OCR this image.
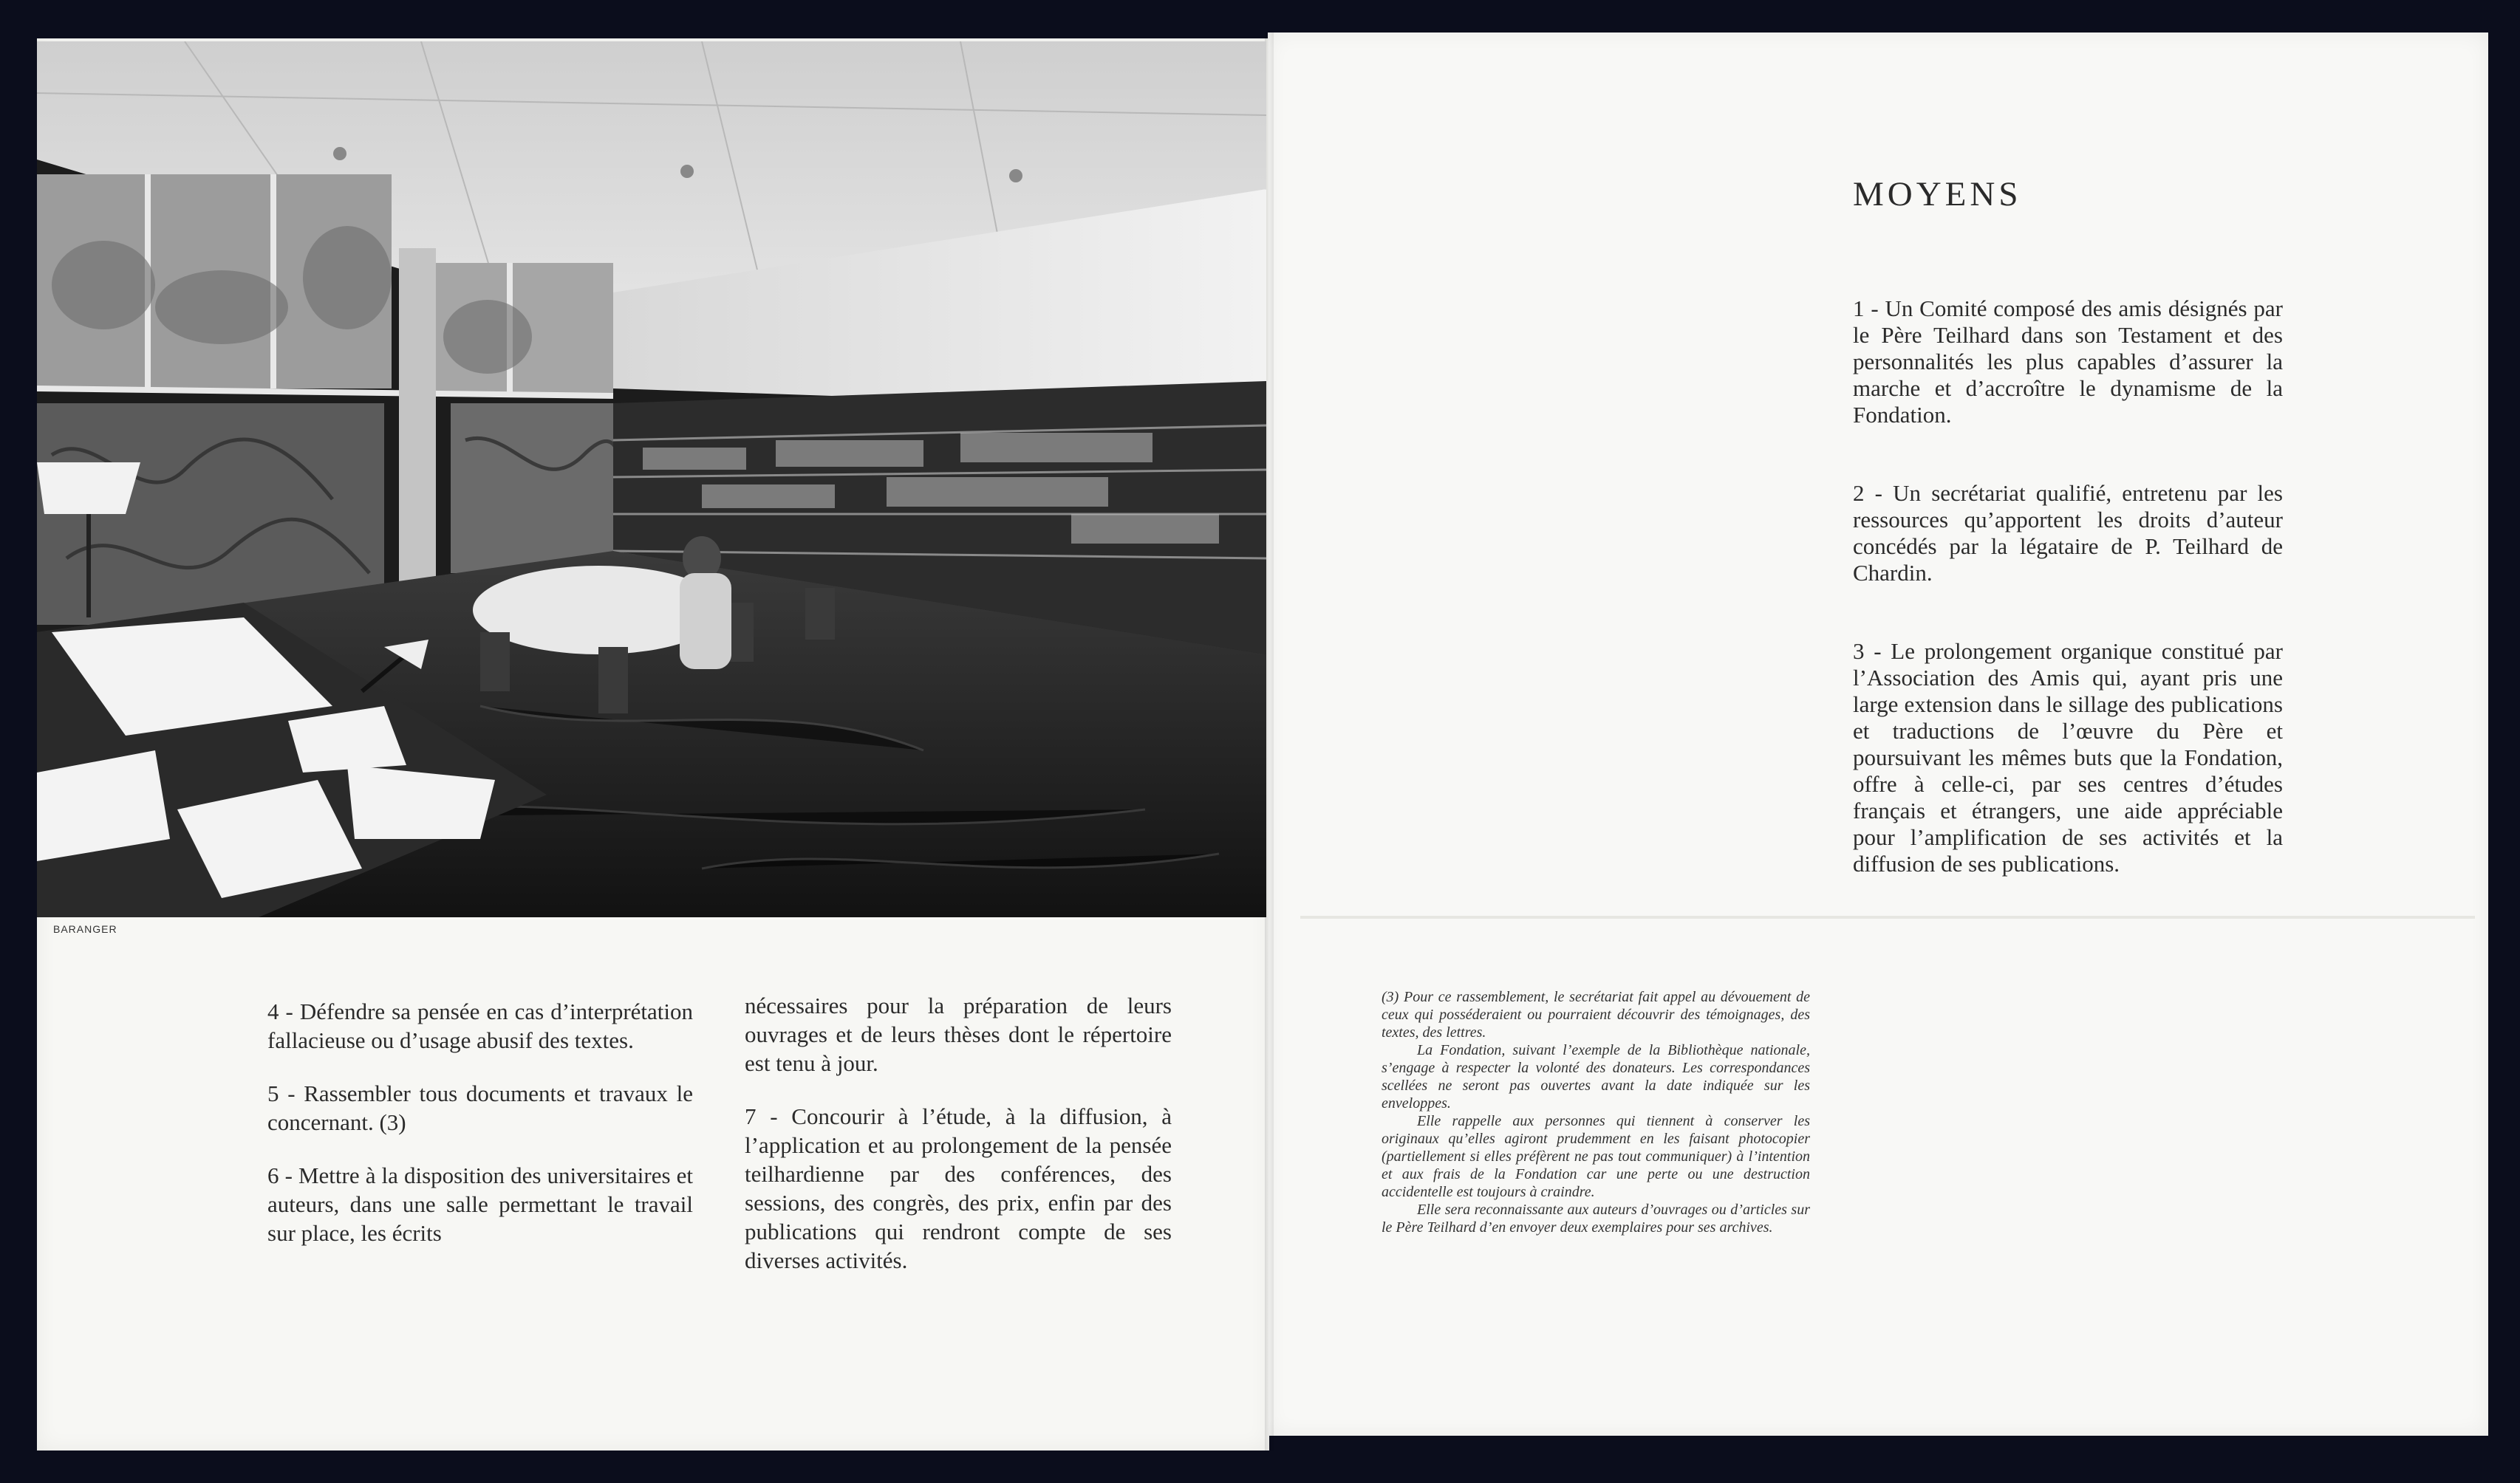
BARANGER

4 - Défendre sa pensée en cas d’interprétation fallacieuse ou d’usage abusif des textes.

5 - Rassembler tous documents et travaux le concernant. (3)

6 - Mettre à la disposition des universitaires et auteurs, dans une salle permettant le travail sur place, les écrits

nécessaires pour la préparation de leurs ouvrages et de leurs thèses dont le répertoire est tenu à jour.

7 - Concourir à l’étude, à la diffusion, à l’application et au prolongement de la pensée teilhardienne par des conférences, des sessions, des congrès, des prix, enfin par des publications qui rendront compte de ses diverses activités.

MOYENS

1 - Un Comité composé des amis désignés par le Père Teilhard dans son Testament et des personnalités les plus capables d’assurer la marche et d’accroître le dynamisme de la Fondation.

2 - Un secrétariat qualifié, entretenu par les ressources qu’apportent les droits d’auteur concédés par la légataire de P. Teilhard de Chardin.

3 - Le prolongement organique constitué par l’Association des Amis qui, ayant pris une large extension dans le sillage des publications et traductions de l’œuvre du Père et poursuivant les mêmes buts que la Fondation, offre à celle-ci, par ses centres d’études français et étrangers, une aide appréciable pour l’amplification de ses activités et la diffusion de ses publications.

(3) Pour ce rassemblement, le secrétariat fait appel au dévouement de ceux qui posséderaient ou pourraient découvrir des témoignages, des textes, des lettres.

La Fondation, suivant l’exemple de la Bibliothèque nationale, s’engage à respecter la volonté des donateurs. Les correspondances scellées ne seront pas ouvertes avant la date indiquée sur les enveloppes.

Elle rappelle aux personnes qui tiennent à conserver les originaux qu’elles agiront prudemment en les faisant photocopier (partiellement si elles préfèrent ne pas tout communiquer) à l’intention et aux frais de la Fondation car une perte ou une destruction accidentelle est toujours à craindre.

Elle sera reconnaissante aux auteurs d’ouvrages ou d’articles sur le Père Teilhard d’en envoyer deux exemplaires pour ses archives.
